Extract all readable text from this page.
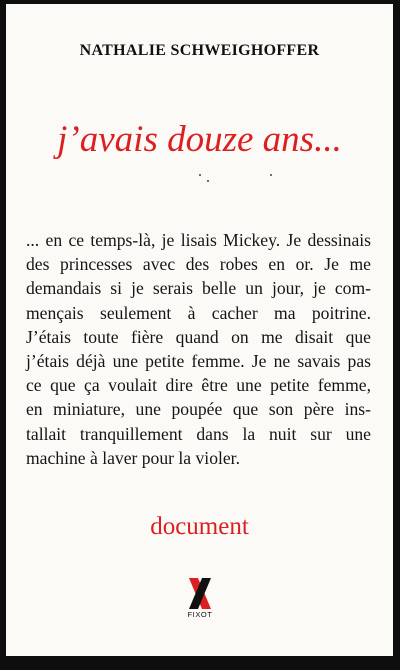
NATHALIE SCHWEIGHOFFER
j’avais douze ans...
... en ce temps-là, je lisais Mickey. Je dessinais
des princesses avec des robes en or. Je me
demandais si je serais belle un jour, je com-
mençais seulement à cacher ma poitrine.
J’étais toute fière quand on me disait que
j’étais déjà une petite femme. Je ne savais pas
ce que ça voulait dire être une petite femme,
en miniature, une poupée que son père ins-
tallait tranquillement dans la nuit sur une
machine à laver pour la violer.
document
FIXOT
